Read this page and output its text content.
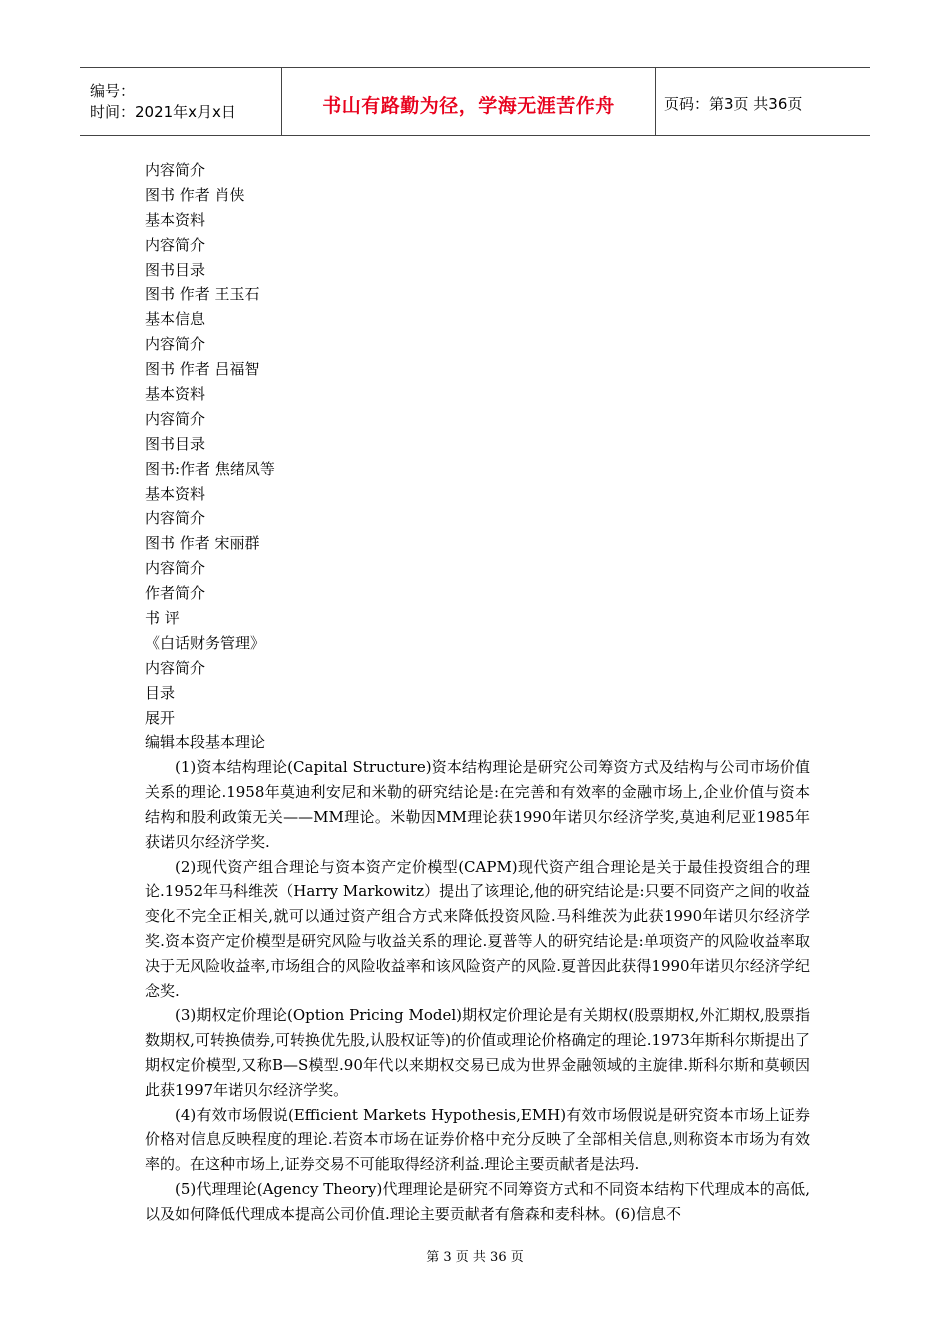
编号：
时间：2021年x月x日	书山有路勤为径，学海无涯苦作舟	页码：第3页 共36页
内容简介
图书 作者 肖侠
基本资料
内容简介
图书目录
图书 作者 王玉石
基本信息
内容简介
图书 作者 吕福智
基本资料
内容简介
图书目录
图书:作者 焦绪凤等
基本资料
内容简介
图书 作者 宋丽群
内容简介
作者简介
书 评
《白话财务管理》
内容简介
目录
展开
编辑本段基本理论

(1)资本结构理论(Capital Structure)资本结构理论是研究公司筹资方式及结构与公司市场价值关系的理论.1958年莫迪利安尼和米勒的研究结论是:在完善和有效率的金融市场上,企业价值与资本结构和股利政策无关——MM理论。米勒因MM理论获1990年诺贝尔经济学奖,莫迪利尼亚1985年获诺贝尔经济学奖.

(2)现代资产组合理论与资本资产定价模型(CAPM)现代资产组合理论是关于最佳投资组合的理论.1952年马科维茨（Harry Markowitz）提出了该理论,他的研究结论是:只要不同资产之间的收益变化不完全正相关,就可以通过资产组合方式来降低投资风险.马科维茨为此获1990年诺贝尔经济学奖.资本资产定价模型是研究风险与收益关系的理论.夏普等人的研究结论是:单项资产的风险收益率取决于无风险收益率,市场组合的风险收益率和该风险资产的风险.夏普因此获得1990年诺贝尔经济学纪念奖.

(3)期权定价理论(Option Pricing Model)期权定价理论是有关期权(股票期权,外汇期权,股票指数期权,可转换债券,可转换优先股,认股权证等)的价值或理论价格确定的理论.1973年斯科尔斯提出了期权定价模型,又称B—S模型.90年代以来期权交易已成为世界金融领域的主旋律.斯科尔斯和莫顿因此获1997年诺贝尔经济学奖。

(4)有效市场假说(Efficient Markets Hypothesis,EMH)有效市场假说是研究资本市场上证券价格对信息反映程度的理论.若资本市场在证券价格中充分反映了全部相关信息,则称资本市场为有效率的。在这种市场上,证券交易不可能取得经济利益.理论主要贡献者是法玛.

(5)代理理论(Agency Theory)代理理论是研究不同筹资方式和不同资本结构下代理成本的高低,以及如何降低代理成本提高公司价值.理论主要贡献者有詹森和麦科林。(6)信息不

第 3 页 共 36 页
